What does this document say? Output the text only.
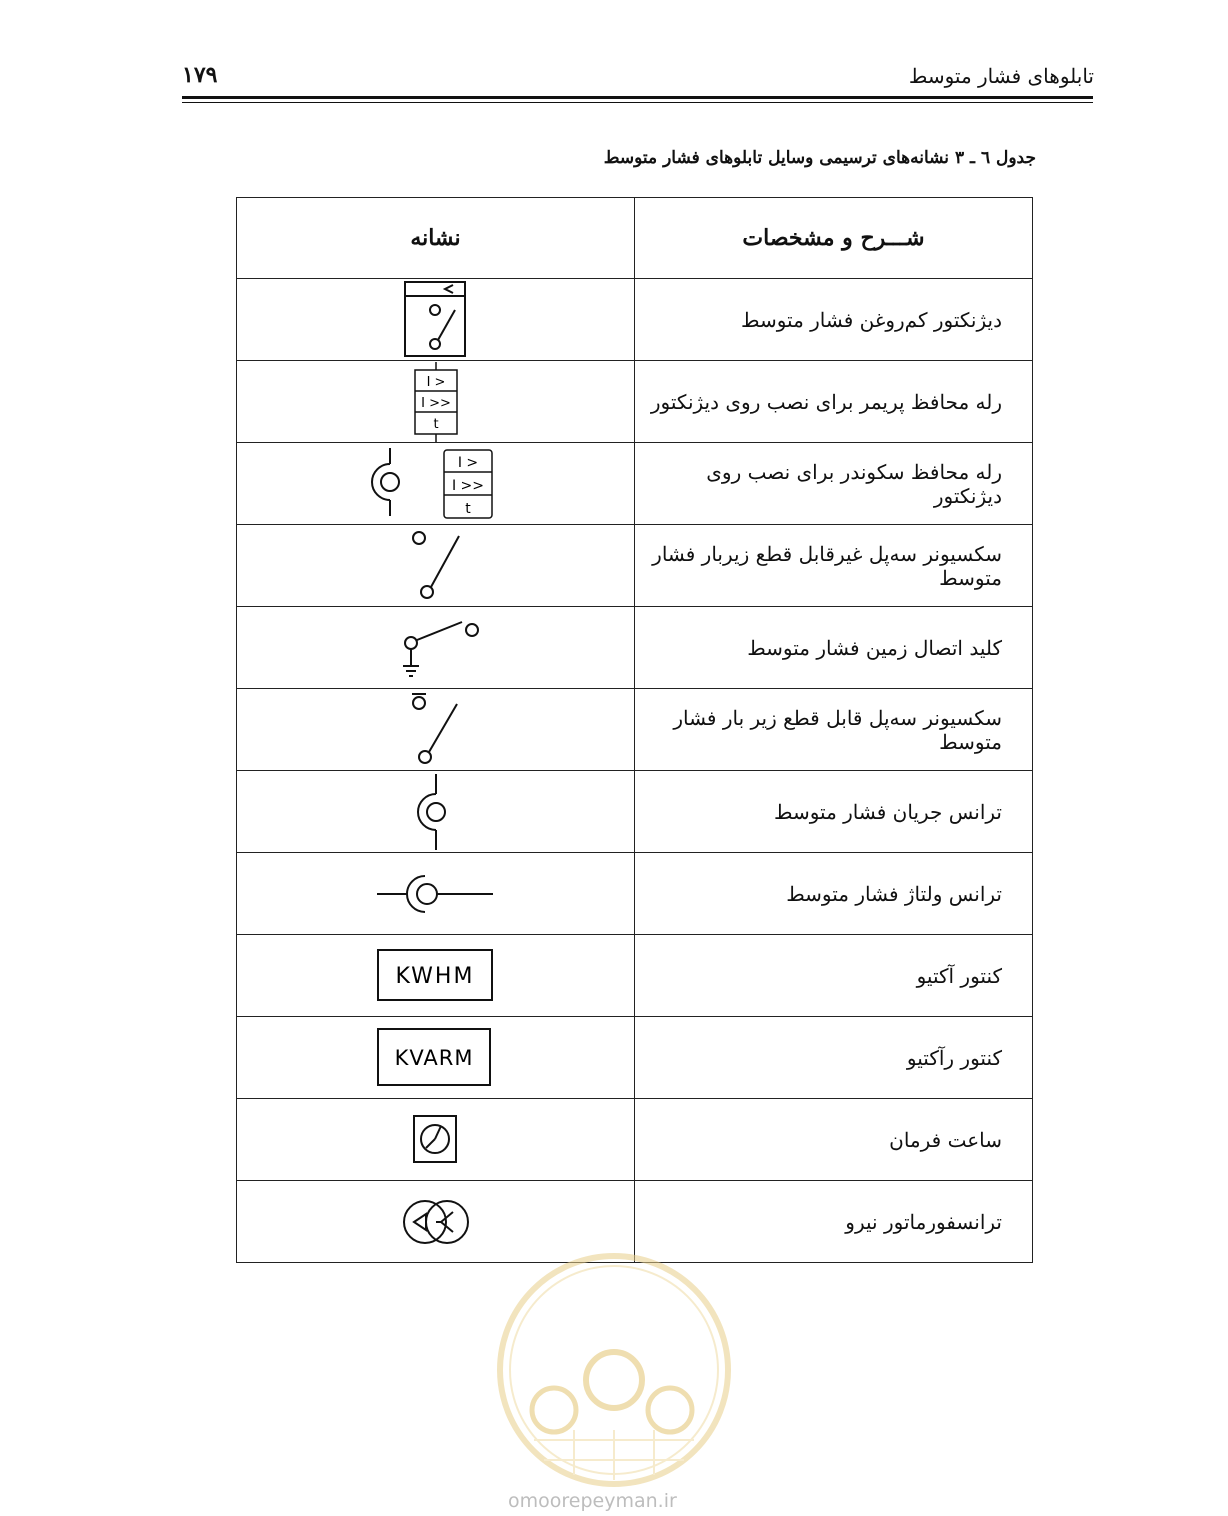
تابلوهای فشار متوسط
۱۷۹
جدول ٦ ـ ۳ نشانه‌های ترسیمی وسایل تابلوهای فشار متوسط
نشانه	شـــرح و مشخصات

	دیژنکتور کم‌روغن فشار متوسط

I >
I >>
t	رله محافظ پریمر برای نصب روی دیژنکتور

I >
I >>
t	رله محافظ سکوندر برای نصب روی دیژنکتور

	سکسیونر سه‌پل غیرقابل قطع زیربار فشار متوسط

	کلید اتصال زمین فشار متوسط

	سکسیونر سه‌پل قابل قطع زیر بار فشار متوسط

	ترانس جریان فشار متوسط

	ترانس ولتاژ فشار متوسط

KWHM	کنتور آکتیو

KVARM	کنتور رآکتیو

	ساعت فرمان

	ترانسفورماتور نیرو
omoorepeyman.ir
